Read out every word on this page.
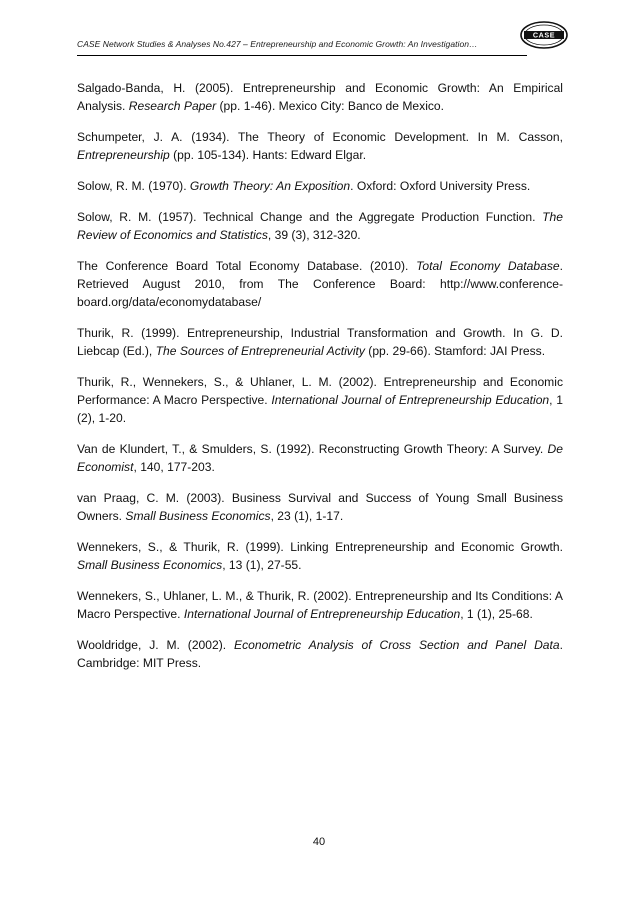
CASE Network Studies & Analyses No.427 – Entrepreneurship and Economic Growth: An Investigation…
CASE

Salgado-Banda, H. (2005). Entrepreneurship and Economic Growth: An Empirical Analysis. Research Paper (pp. 1-46). Mexico City: Banco de Mexico.

Schumpeter, J. A. (1934). The Theory of Economic Development. In M. Casson, Entrepreneurship (pp. 105-134). Hants: Edward Elgar.

Solow, R. M. (1970). Growth Theory: An Exposition. Oxford: Oxford University Press.

Solow, R. M. (1957). Technical Change and the Aggregate Production Function. The Review of Economics and Statistics, 39 (3), 312-320.

The Conference Board Total Economy Database. (2010). Total Economy Database. Retrieved August 2010, from The Conference Board: http://www.conference-board.org/data/economydatabase/

Thurik, R. (1999). Entrepreneurship, Industrial Transformation and Growth. In G. D. Liebcap (Ed.), The Sources of Entrepreneurial Activity (pp. 29-66). Stamford: JAI Press.

Thurik, R., Wennekers, S., & Uhlaner, L. M. (2002). Entrepreneurship and Economic Performance: A Macro Perspective. International Journal of Entrepreneurship Education, 1 (2), 1-20.

Van de Klundert, T., & Smulders, S. (1992). Reconstructing Growth Theory: A Survey. De Economist, 140, 177-203.

van Praag, C. M. (2003). Business Survival and Success of Young Small Business Owners. Small Business Economics, 23 (1), 1-17.

Wennekers, S., & Thurik, R. (1999). Linking Entrepreneurship and Economic Growth. Small Business Economics, 13 (1), 27-55.

Wennekers, S., Uhlaner, L. M., & Thurik, R. (2002). Entrepreneurship and Its Conditions: A Macro Perspective. International Journal of Entrepreneurship Education, 1 (1), 25-68.

Wooldridge, J. M. (2002). Econometric Analysis of Cross Section and Panel Data. Cambridge: MIT Press.

40
